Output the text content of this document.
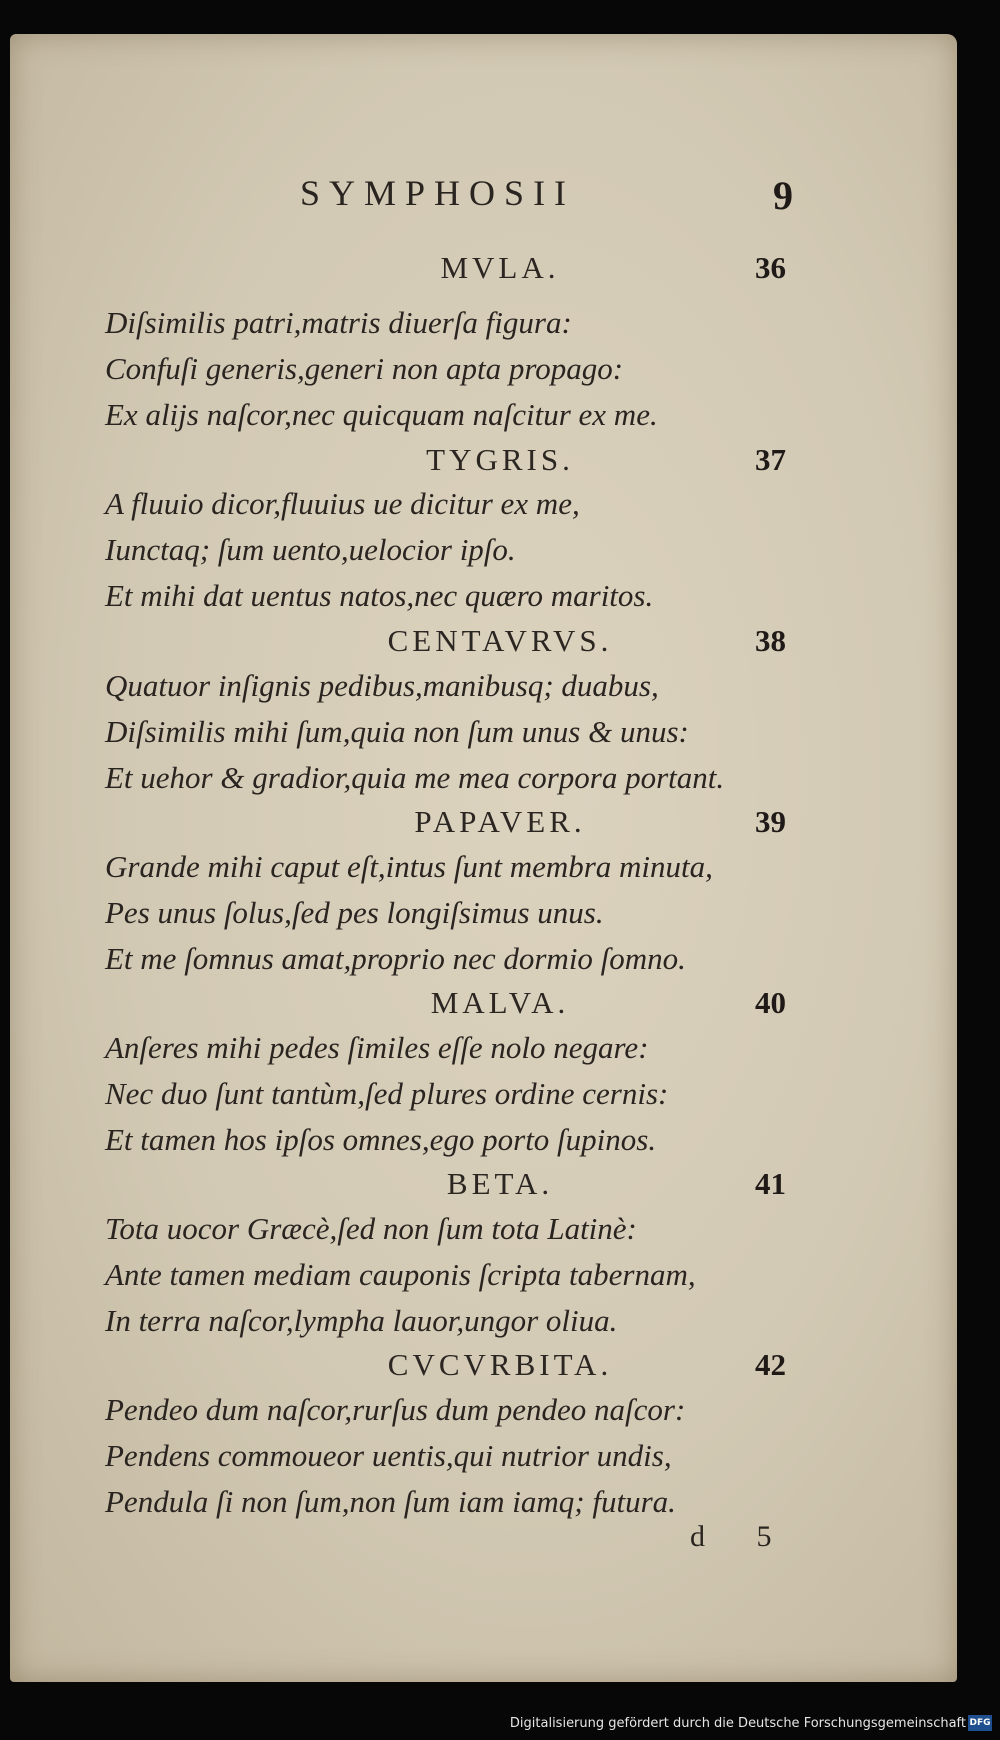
SYMPHOSII	9
MVLA.	36
Diſsimilis patri,matris diuerſa figura:
Confuſi generis,generi non apta propago:
Ex alijs naſcor,nec quicquam naſcitur ex me.
TYGRIS.	37
A fluuio dicor,fluuius ue dicitur ex me,
Iunctaq; ſum uento,uelocior ipſo.
Et mihi dat uentus natos,nec quæro maritos.
CENTAVRVS.	38
Quatuor inſignis pedibus,manibusq; duabus,
Diſsimilis mihi ſum,quia non ſum unus & unus:
Et uehor & gradior,quia me mea corpora portant.
PAPAVER.	39
Grande mihi caput eſt,intus ſunt membra minuta,
Pes unus ſolus,ſed pes longiſsimus unus.
Et me ſomnus amat,proprio nec dormio ſomno.
MALVA.	40
Anſeres mihi pedes ſimiles eſſe nolo negare:
Nec duo ſunt tantùm,ſed plures ordine cernis:
Et tamen hos ipſos omnes,ego porto ſupinos.
BETA.	41
Tota uocor Græcè,ſed non ſum tota Latinè:
Ante tamen mediam cauponis ſcripta tabernam,
In terra naſcor,lympha lauor,ungor oliua.
CVCVRBITA.	42
Pendeo dum naſcor,rurſus dum pendeo naſcor:
Pendens commoueor uentis,qui nutrior undis,
Pendula ſi non ſum,non ſum iam iamq; futura.
d 5
Digitalisierung gefördert durch die Deutsche Forschungsgemeinschaft DFG
